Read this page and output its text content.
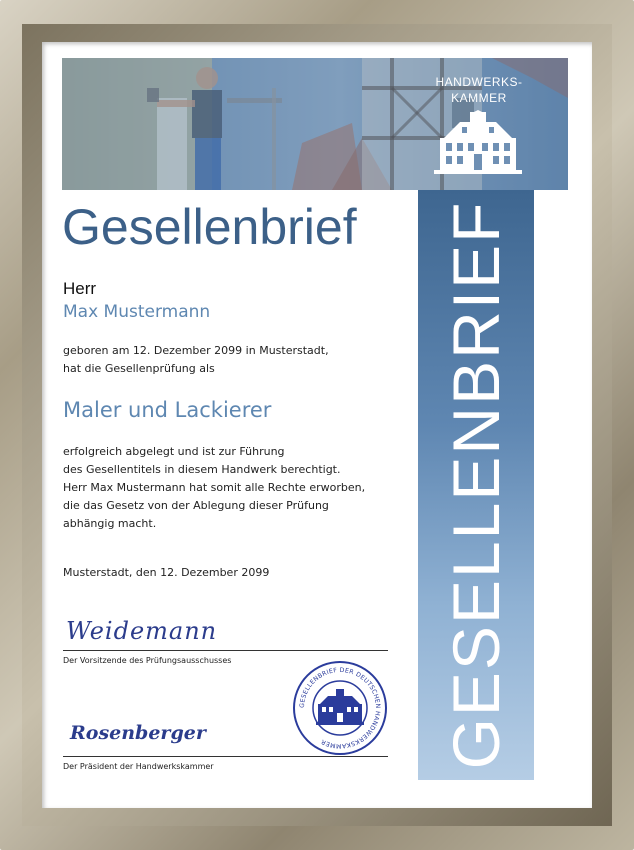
HANDWERKS-
KAMMER
GESELLENBRIEF
Gesellenbrief
Herr
Max Mustermann
geboren am 12. Dezember 2099 in Musterstadt,
hat die Gesellenprüfung als
Maler und Lackierer
erfolgreich abgelegt und ist zur Führung
des Gesellentitels in diesem Handwerk berechtigt.
Herr Max Mustermann hat somit alle Rechte erworben,
die das Gesetz von der Ablegung dieser Prüfung
abhängig macht.
Musterstadt, den 12. Dezember 2099
Weidemann
Der Vorsitzende des Prüfungsausschusses
Rosenberger
Der Präsident der Handwerkskammer
GESELLENBRIEF DER DEUTSCHEN HANDWERKSKAMMER
